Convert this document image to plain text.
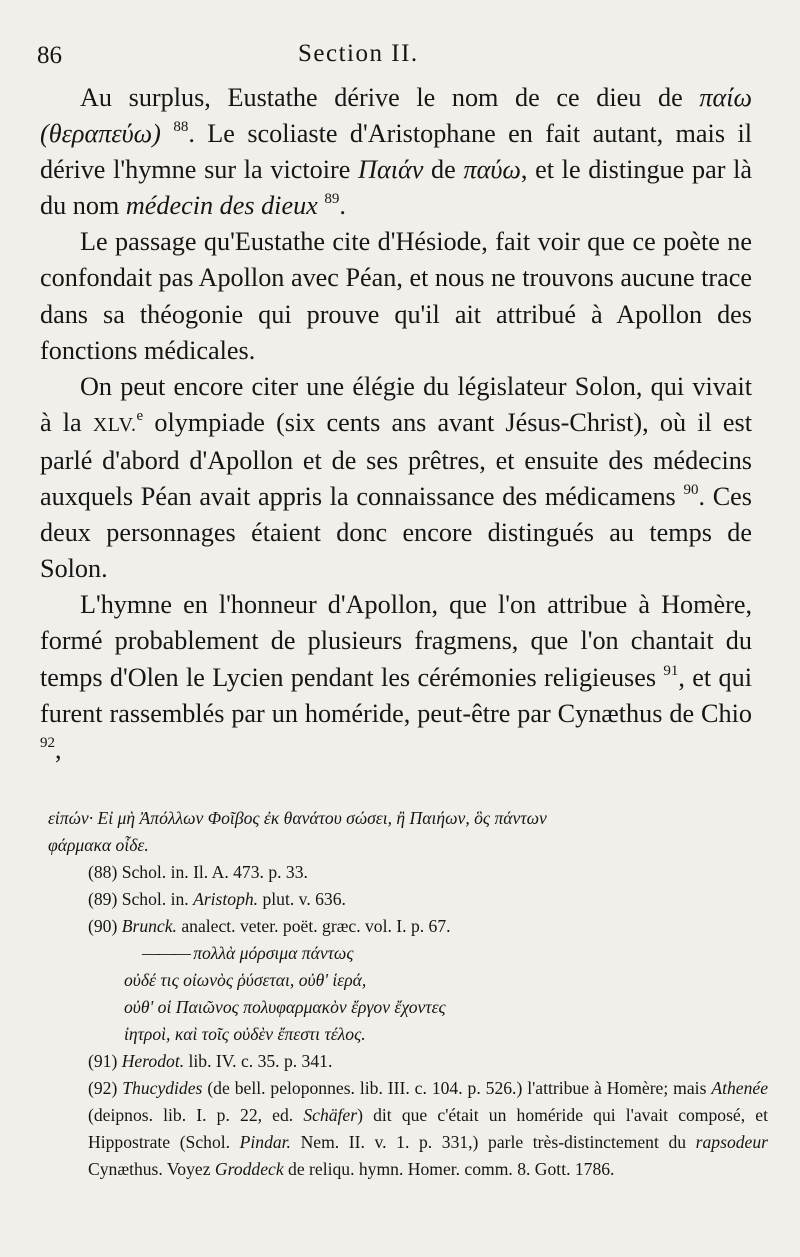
86	Section II.

Au surplus, Eustathe dérive le nom de ce dieu de παίω (θεραπεύω) $^{88}$. Le scoliaste d'Aristophane en fait autant, mais il dérive l'hymne sur la victoire Παιάν de παύω, et le distingue par là du nom médecin des dieux $^{89}$.

Le passage qu'Eustathe cite d'Hésiode, fait voir que ce poète ne confondait pas Apollon avec Péan, et nous ne trouvons aucune trace dans sa théogonie qui prouve qu'il ait attribué à Apollon des fonctions médicales.

On peut encore citer une élégie du législateur Solon, qui vivait à la XLV.$^e$ olympiade (six cents ans avant Jésus-Christ), où il est parlé d'abord d'Apollon et de ses prêtres, et ensuite des médecins auxquels Péan avait appris la connaissance des médicamens $^{90}$. Ces deux personnages étaient donc encore distingués au temps de Solon.

L'hymne en l'honneur d'Apollon, que l'on attribue à Homère, formé probablement de plusieurs fragmens, que l'on chantait du temps d'Olen le Lycien pendant les cérémonies religieuses $^{91}$, et qui furent rassemblés par un homéride, peut-être par Cynæthus de Chio $^{92}$,

εἰπών· Εἰ μὴ Ἀπόλλων Φοῖβος ἐκ θανάτου σώσει, ἢ Παιήων, ὃς πάντων
φάρμακα οἶδε.
(88) Schol. in. Il. A. 473. p. 33.
(89) Schol. in. Aristoph. plut. v. 636.
(90) Brunck. analect. veter. poët. græc. vol. I. p. 67.
——— πολλὰ μόρσιμα πάντως
οὐδέ τις οἰωνὸς ῥύσεται, οὐθ' ἱερά,
οὐθ' οἱ Παιῶνος πολυφαρμακὸν ἔργον ἔχοντες
ἰητροὶ, καὶ τοῖς οὐδὲν ἔπεστι τέλος.
(91) Herodot. lib. IV. c. 35. p. 341.

(92) Thucydides (de bell. peloponnes. lib. III. c. 104. p. 526.) l'attribue à Homère; mais Athenée (deipnos. lib. I. p. 22, ed. Schäfer) dit que c'était un homéride qui l'avait composé, et Hippostrate (Schol. Pindar. Nem. II. v. 1. p. 331,) parle très-distinctement du rapsodeur Cynæthus. Voyez Groddeck de reliqu. hymn. Homer. comm. 8. Gott. 1786.
